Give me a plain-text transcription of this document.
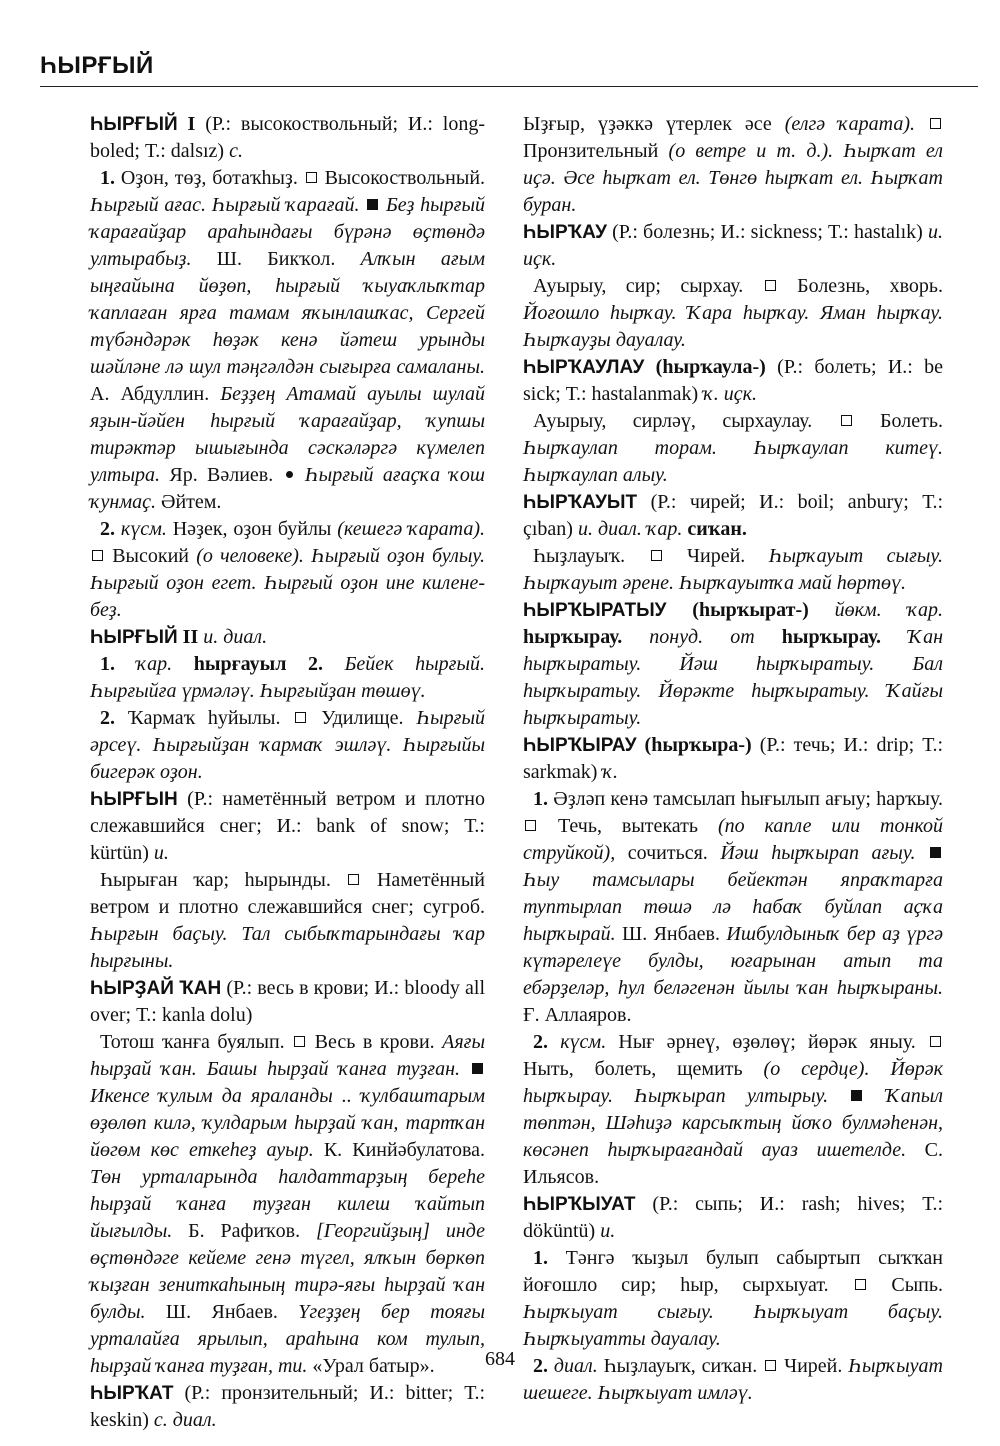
ҺЫРҒЫЙ

ҺЫРҒЫЙ I (Р.: высокоствольный; И.: long-boled; Т.: dalsız) с.

1. Оҙон, төҙ, ботаҡһыҙ. Высокоствольный. Һырғый ағас. Һырғый ҡарағай. Беҙ һырғый ҡарағайҙар араһындағы бүрәнә өҫтөндә ултырабыҙ. Ш. Бикҡол. Алҡын ағым ыңғайына йөҙөп, һырғый ҡыуаҡлыҡтар ҡаплаған ярға тамам яҡынлашҡас, Сергей түбәндәрәк һөҙәк кенә йәтеш урынды шәйләне лә шул тәңгәлдән сығырға самаланы. А. Абдуллин. Беҙҙең Атамай ауылы шулай яҙын-йәйен һырғый ҡарағайҙар, ҡупшы тирәктәр ышығында сәскәләргә күмелеп ултыра. Яр. Вәлиев. Һырғый ағаҫҡа ҡош ҡунмаҫ. Әйтем.

2. күсм. Нәҙек, оҙон буйлы (кешегә ҡарата).  Высокий (о человеке). Һырғый оҙон булыу. Һырғый оҙон егет. Һырғый оҙон ине килене-беҙ.

ҺЫРҒЫЙ II и. диал.

1. ҡар. һырғауыл 2. Бейек һырғый. Һырғыйға үрмәләү. Һырғыйҙан төшөү.

2. Ҡармаҡ һуйылы. Удилище. Һырғый әрсеү. Һырғыйҙан ҡармаҡ эшләү. Һырғыйы бигерәк оҙон.

ҺЫРҒЫН (Р.: наметённый ветром и плотно слежавшийся снег; И.: bank of snow; Т.: kürtün) и.

Һырыған ҡар; һырынды. Наметённый ветром и плотно слежавшийся снег; сугроб. Һырғын баҫыу. Тал сыбыҡтарындағы ҡар һырғыны.

ҺЫРҘАЙ ҠАН (Р.: весь в крови; И.: bloody all over; Т.: kanla dolu)

Тотош ҡанға буялып. Весь в крови. Аяғы һырҙай ҡан. Башы һырҙай ҡанға туҙған.  Икенсе ҡулым да яраланды .. ҡулбаштарым өҙөлөп килә, ҡулдарым һырҙай ҡан, тартҡан йөгөм көс еткеһеҙ ауыр. К. Кинйәбулатова. Төн урталарында һалдаттарҙың береһе һырҙай ҡанға туҙған килеш ҡайтып йығылды. Б. Рафиҡов. [Георгийҙың] инде өҫтөндәге кейеме генә түгел, ялҡын бөркөп ҡыҙған зениткаһының тирә-яғы һырҙай ҡан булды. Ш. Янбаев. Үгеҙҙең бер тояғы урталайға ярылып, араһына ком тулып, һырҙай ҡанға туҙған, ти. «Урал батыр».

ҺЫРҠАТ (Р.: пронзительный; И.: bitter; Т.: keskin) с. диал.

Ыҙғыр, үҙәккә үтерлек әсе (елгә ҡарата).  Пронзительный (о ветре и т. д.). Һырҡат ел иҫә. Әсе һырҡат ел. Төнгө һырҡат ел. Һырҡат буран.

ҺЫРҠАУ (Р.: болезнь; И.: sickness; Т.: hastalık) и. иҫк.

Ауырыу, сир; сырхау.	Болезнь, хворь. Йоғошло һырҡау. Ҡара һырҡау. Яман һырҡау. Һырҡауҙы дауалау.

ҺЫРҠАУЛАУ (һырҡаула-) (Р.: болеть; И.: be sick; Т.: hastalanmak) ҡ. иҫк.

Ауырыу, сирләү, сырхаулау.	Болеть. Һырҡаулап торам. Һырҡаулап китеү. Һырҡаулап алыу.

ҺЫРҠАУЫТ (Р.: чирей; И.: boil; anbury; Т.: çıban) и. диал. ҡар. сиҡан.

Һыҙлауыҡ.	Чирей. Һырҡауыт сығыу. Һырҡауыт әрене. Һырҡауытҡа май һөртөү.

ҺЫРҠЫРАТЫУ (һырҡырат-) йөкм. ҡар. һырҡырау. понуд. от һырҡырау. Ҡан һырҡыратыу. Йәш һырҡыратыу. Бал һырҡыратыу. Йөрәкте һырҡыратыу. Ҡайғы һырҡыратыу.

ҺЫРҠЫРАУ (һырҡыра-) (Р.: течь; И.: drip; Т.: sarkmak) ҡ.

1. Әҙләп кенә тамсылап һығылып ағыу; һарҡыу.  Течь, вытекать (по капле или тонкой струйкой), сочиться. Йәш һырҡырап ағыу.  Һыу тамсылары бейектән япраҡтарға туптырлап төшә лә һабаҡ буйлап аҫҡа һырҡырай. Ш. Янбаев. Ишбулдыныҡ бер аҙ үргә күтәрелеүе булды, юғарынан атып та ебәрҙеләр, һул беләгенән йылы ҡан һырҡыраны. Ғ. Аллаяров.

2. күсм. Нығ әрнеү, өҙөлөү; йөрәк яныу.  Ныть, болеть, щемить (о сердце). Йөрәк һырҡырау. Һырҡырап ултырыу.	Ҡапыл төптән, Шәһиҙә карсыҡтың йоҡо булмәһенән, көсәнеп һырҡырағандай ауаз ишетелде. С. Ильясов.

ҺЫРҠЫУАТ (Р.: сыпь; И.: rash; hives; Т.: döküntü) и.

1. Тәнгә ҡыҙыл булып сабыртып сыҡҡан йоғошло сир; һыр, сырхыуат.	Сыпь. Һырҡыуат сығыу. Һырҡыуат баҫыу. Һырҡыуатты дауалау.

2. диал. Һыҙлауыҡ, сиҡан. Чирей. Һырҡыуат шешеге. Һырҡыуат имләү.

684
